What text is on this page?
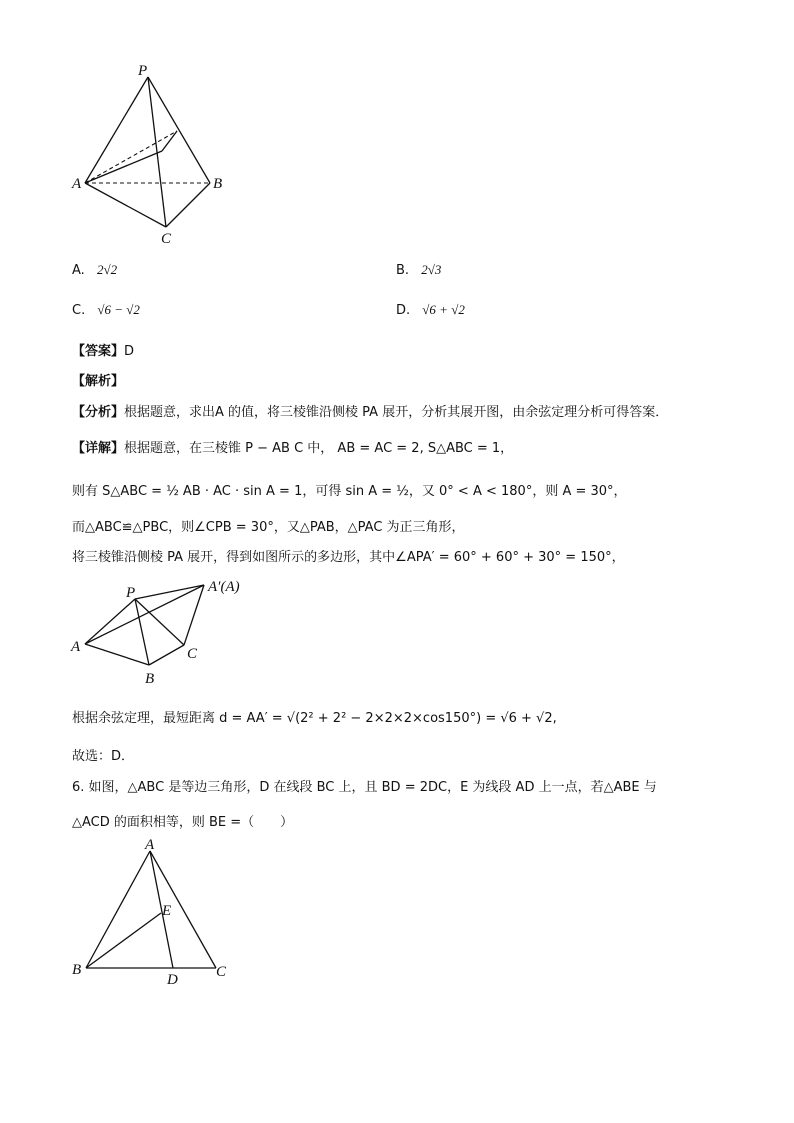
P
A	B
C
A. 2√2	B. 2√3
C. √6 − √2	D. √6 + √2
【答案】D
【解析】
【分析】根据题意，求出A 的值，将三棱锥沿侧棱 PA 展开，分析其展开图，由余弦定理分析可得答案．
【详解】根据题意，在三棱锥 P − AB C 中， AB = AC = 2, S△ABC = 1，
则有 S△ABC = ½ AB · AC · sin A = 1，可得 sin A = ½，又 0° < A < 180°，则 A = 30°，
而△ABC≌△PBC，则∠CPB = 30°，又△PAB，△PAC 为正三角形，
将三棱锥沿侧棱 PA 展开，得到如图所示的多边形，其中∠APA′ = 60° + 60° + 30° = 150°，
P	A′(A)
A
B
C
根据余弦定理，最短距离 d = AA′ = √(2² + 2² − 2×2×2×cos150°) = √6 + √2,
故选：D．
6. 如图，△ABC 是等边三角形，D 在线段 BC 上，且 BD = 2DC，E 为线段 AD 上一点，若△ABE 与
△ACD 的面积相等，则 BE =（　　）
A
E
B
D	C
